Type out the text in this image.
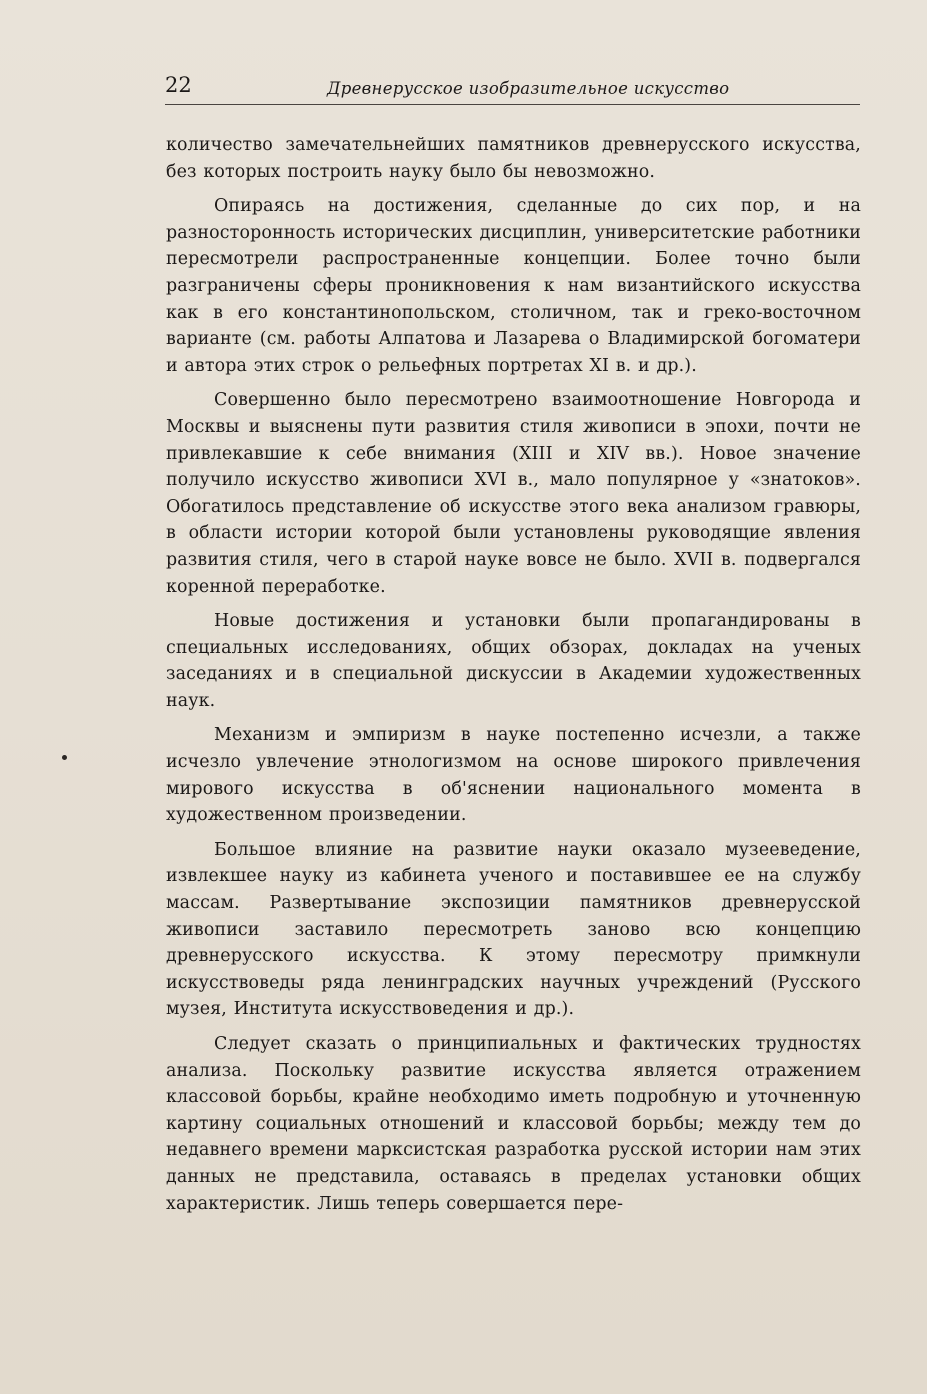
22	Древнерусское изобразительное искусство

количество замечательнейших памятников древнерусского искусства, без которых построить науку было бы невозможно.

Опираясь на достижения, сделанные до сих пор, и на разносторонность исторических дисциплин, университетские работники пересмотрели распространенные концепции. Более точно были разграничены сферы проникновения к нам византийского искусства как в его константинопольском, столичном, так и греко-восточном варианте (см. работы Алпатова и Лазарева о Владимирской богоматери и автора этих строк о рельефных портретах XI в. и др.).

Совершенно было пересмотрено взаимоотношение Новгорода и Москвы и выяснены пути развития стиля живописи в эпохи, почти не привлекавшие к себе внимания (XIII и XIV вв.). Новое значение получило искусство живописи XVI в., мало популярное у «знатоков». Обогатилось представление об искусстве этого века анализом гравюры, в области истории которой были установлены руководящие явления развития стиля, чего в старой науке вовсе не было. XVII в. подвергался коренной переработке.

Новые достижения и установки были пропагандированы в специальных исследованиях, общих обзорах, докладах на ученых заседаниях и в специальной дискуссии в Академии художественных наук.

Механизм и эмпиризм в науке постепенно исчезли, а также исчезло увлечение этнологизмом на основе широкого привлечения мирового искусства в об'яснении национального момента в художественном произведении.

Большое влияние на развитие науки оказало музееведение, извлекшее науку из кабинета ученого и поставившее ее на службу массам. Развертывание экспозиции памятников древнерусской живописи заставило пересмотреть заново всю концепцию древнерусского искусства. К этому пересмотру примкнули искусствоведы ряда ленинградских научных учреждений (Русского музея, Института искусствоведения и др.).

Следует сказать о принципиальных и фактических трудностях анализа. Поскольку развитие искусства является отражением классовой борьбы, крайне необходимо иметь подробную и уточненную картину социальных отношений и классовой борьбы; между тем до недавнего времени марксистская разработка русской истории нам этих данных не представила, оставаясь в пределах установки общих характеристик. Лишь теперь совершается пере-
